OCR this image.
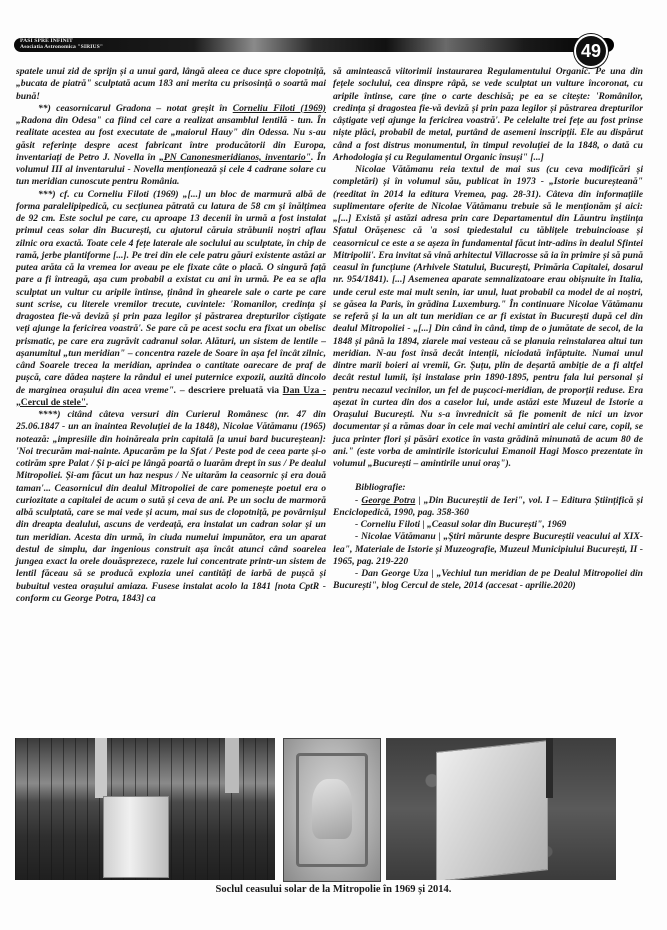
PASI SPRE INFINIT
Asociatia Astronomica "SIRIUS"	49

spatele unui zid de sprijn și a unui gard, lângă aleea ce duce spre clopotniță, „bucata de piatră" sculptată acum 183 ani merita cu prisosință o soartă mai bună!

**) ceasornicarul Gradona – notat greșit în Corneliu Filoti (1969) „Radona din Odesa" ca fiind cel care a realizat ansamblul lentilă - tun. În realitate acestea au fost executate de „maiorul Hauy" din Odessa. Nu s-au găsit referințe despre acest fabricant între producătorii din Europa, inventariați de Petro J. Novella în „PN Canonesmeridianos, inventario". În volumul III al inventarului - Novella menționează și cele 4 cadrane solare cu tun meridian cunoscute pentru România.

***) cf. cu Corneliu Filoti (1969) „[...] un bloc de marmură albă de forma paralelipipedică, cu secțiunea pătrată cu latura de 58 cm și înălțimea de 92 cm. Este soclul pe care, cu aproape 13 decenii în urmă a fost instalat primul ceas solar din București, cu ajutorul căruia străbunii noștri aflau zilnic ora exactă. Toate cele 4 fețe laterale ale soclului au sculptate, în chip de ramă, jerbe plantiforme [...]. Pe trei din ele cele patru găuri existente astăzi ar putea arăta că la vremea lor aveau pe ele fixate câte o placă. O singură față pare a fi întreagă, așa cum probabil a existat cu ani în urmă. Pe ea se afla sculptat un vultur cu aripile întinse, ținând în ghearele sale o carte pe care sunt scrise, cu literele vremilor trecute, cuvintele: 'Romanilor, credința și dragostea fie-vă deviză și prin paza legilor și păstrarea drepturilor cîștigate veți ajunge la fericirea voastră'. Se pare că pe acest soclu era fixat un obelisc prismatic, pe care era zugrăvit cadranul solar. Alături, un sistem de lentile – așanumitul „tun meridian" – concentra razele de Soare în așa fel încât zilnic, când Soarele trecea la meridian, aprindea o cantitate oarecare de praf de pușcă, care dădea naștere la rândul ei unei puternice expozii, auzită dincolo de marginea orașului din acea vreme". – descriere preluată via Dan Uza - „Cercul de stele".

****) citând câteva versuri din Curierul Românesc (nr. 47 din 25.06.1847 - un an înaintea Revoluției de la 1848), Nicolae Vătămanu (1965) notează: „impresiile din hoinăreala prin capitală [a unui bard bucureștean]: 'Noi trecurăm mai-nainte. Apucarăm pe la Sfat / Peste pod de ceea parte și-o cotirăm spre Palat / Și p-aici pe lângă poartă o luarăm drept în sus / Pe dealul Mitropoliei. Și-am făcut un haz nespus / Ne uitarăm la ceasornic și era două taman'... Ceasornicul din dealul Mitropoliei de care pomenește poetul era o curiozitate a capitalei de acum o sută și ceva de ani. Pe un soclu de marmoră albă sculptată, care se mai vede și acum, mai sus de clopotniță, pe povârnișul din dreapta dealului, ascuns de verdeață, era instalat un cadran solar și un tun meridian. Acesta din urmă, în ciuda numelui impunător, era un aparat destul de simplu, dar ingenious construit așa încât atunci când soarelea jungea exact la orele douăsprezece, razele lui concentrate printr-un sistem de lentil făceau să se producă explozia unei cantități de iarbă de pușcă și bubuitul vestea orașului amiaza. Fusese instalat acolo la 1841 [nota CptR - conform cu George Potra, 1843] ca

să amintească viitorimii instaurarea Regulamentului Organic. Pe una din fețele soclului, cea dinspre râpă, se vede sculptat un vulture încoronat, cu aripile întinse, care ține o carte deschisă; pe ea se citește: 'Românilor, credința și dragostea fie-vă deviză și prin paza legilor și păstrarea drepturilor câștigate veți ajunge la fericirea voastră'. Pe celelalte trei fețe au fost prinse niște plăci, probabil de metal, purtând de asemeni inscripții. Ele au dispărut când a fost distrus monumentul, în timpul revoluției de la 1848, o dată cu Arhodologia și cu Regulamentul Organic însuși" [...]

Nicolae Vătămanu reia textul de mai sus (cu ceva modificări și completări) și în volumul său, publicat în 1973 - „Istorie bucureșteană" (reeditat în 2014 la editura Vremea, pag. 28-31). Câteva din informațiile suplimentare oferite de Nicolae Vătămanu trebuie să le menționăm și aici: „[...] Există și astăzi adresa prin care Departamentul din Lăuntru înștiința Sfatul Orășenesc că 'a sosi tpiedestalul cu tăblițele trebuincioase și ceasornicul ce este a se așeza în fundamental făcut intr-adins în dealul Sfintei Mitripolii'. Era invitat să vină arhitectul Villacrosse să ia în primire și să pună ceasul în funcțiune (Arhivele Statului, București, Primăria Capitalei, dosarul nr. 954/1841). [...] Asemenea aparate semnalizatoare erau obișnuite în Italia, unde cerul este mai mult senin, iar unul, luat probabil ca model de ai noștri, se găsea la Paris, în grădina Luxemburg." În continuare Nicolae Vătămanu se referă și la un alt tun meridian ce ar fi existat în București după cel din dealul Mitropoliei - „[...] Din când în când, timp de o jumătate de secol, de la 1848 și până la 1894, ziarele mai vesteau că se planuia reinstalarea altui tun meridian. N-au fost însă decât intenții, niciodată înfăptuite. Numai unul dintre marii boieri ai vremii, Gr. Șuțu, plin de deșartă ambiție de a fi altfel decât restul lumii, își instalase prin 1890-1895, pentru fala lui personal și pentru necazul vecinilor, un fel de pușcoci-meridian, de proporții reduse. Era așezat în curtea din dos a caselor lui, unde astăzi este Muzeul de Istorie a Orașului București. Nu s-a învrednicit să fie pomenit de nici un izvor documentar și a rămas doar în cele mai vechi amintiri ale celui care, copil, se juca printer flori și păsări exotice în vasta grădină minunată de acum 80 de ani." (este vorba de amintirile istoricului Emanoil Hagi Mosco prezentate în volumul „București – amintirile unui oraș").

Bibliografie:

- George Potra | „Din Bucureștii de Ieri", vol. I – Editura Științifică și Enciclopedică, 1990, pag. 358-360

- Corneliu Filoti | „Ceasul solar din București", 1969

- Nicolae Vătămanu | „Știri mărunte despre Bucureștii veacului al XIX-lea", Materiale de Istorie și Muzeografie, Muzeul Municipiului București, II - 1965, pag. 219-220

- Dan George Uza | „Vechiul tun meridian de pe Dealul Mitropoliei din București", blog Cercul de stele, 2014 (accesat - aprilie.2020)

Soclul ceasului solar de la Mitropolie în 1969 și 2014.
